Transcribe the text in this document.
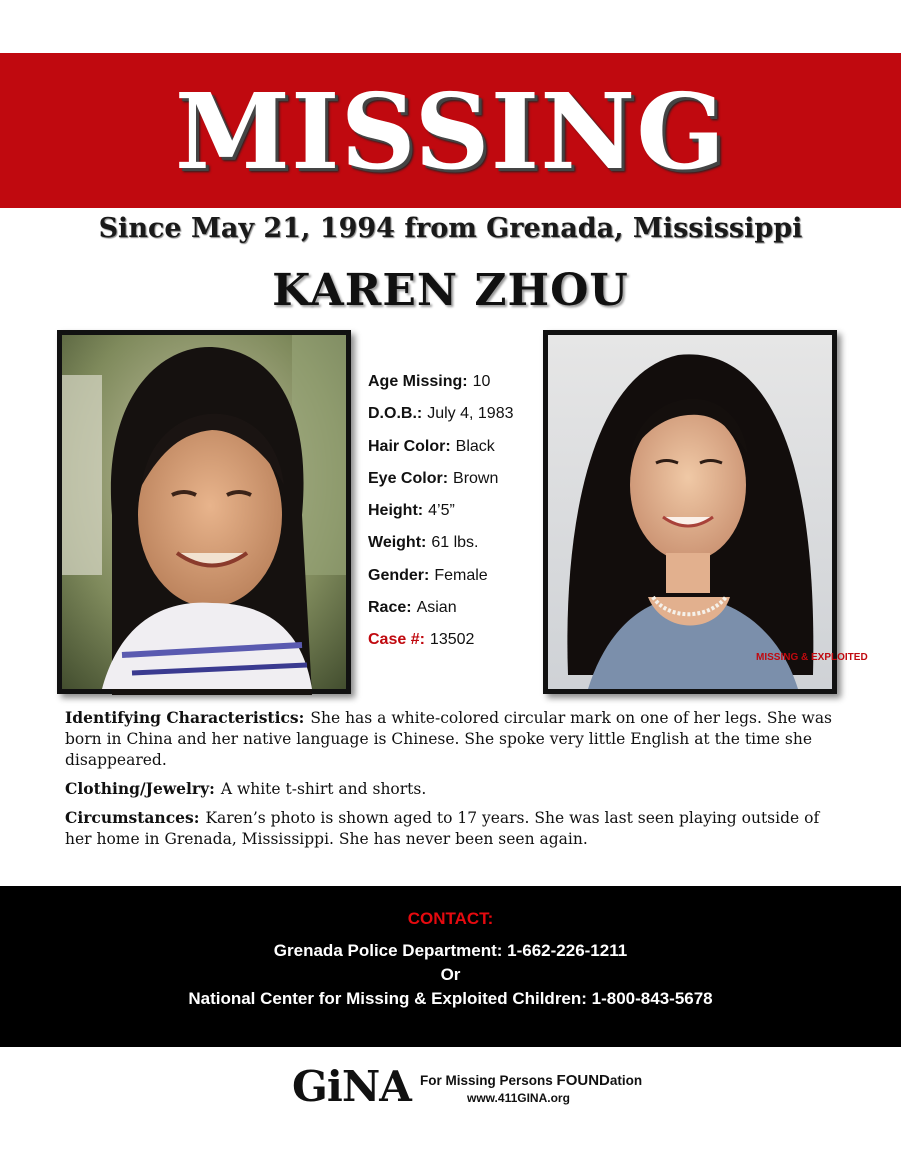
MISSING
Since May 21, 1994 from Grenada, Mississippi
KAREN ZHOU
Age Missing: 10
D.O.B.: July 4, 1983
Hair Color: Black
Eye Color: Brown
Height: 4’5”
Weight: 61 lbs.
Gender: Female
Race: Asian
Case #: 13502
MISSING & EXPLOITED

Identifying Characteristics: She has a white-colored circular mark on one of her legs. She was born in China and her native language is Chinese. She spoke very little English at the time she disappeared.

Clothing/Jewelry: A white t-shirt and shorts.

Circumstances: Karen’s photo is shown aged to 17 years. She was last seen playing outside of her home in Grenada, Mississippi. She has never been seen again.

CONTACT:
Grenada Police Department: 1-662-226-1211
Or
National Center for Missing & Exploited Children: 1-800-843-5678
GiNA For Missing Persons FOUNDation
www.411GINA.org
